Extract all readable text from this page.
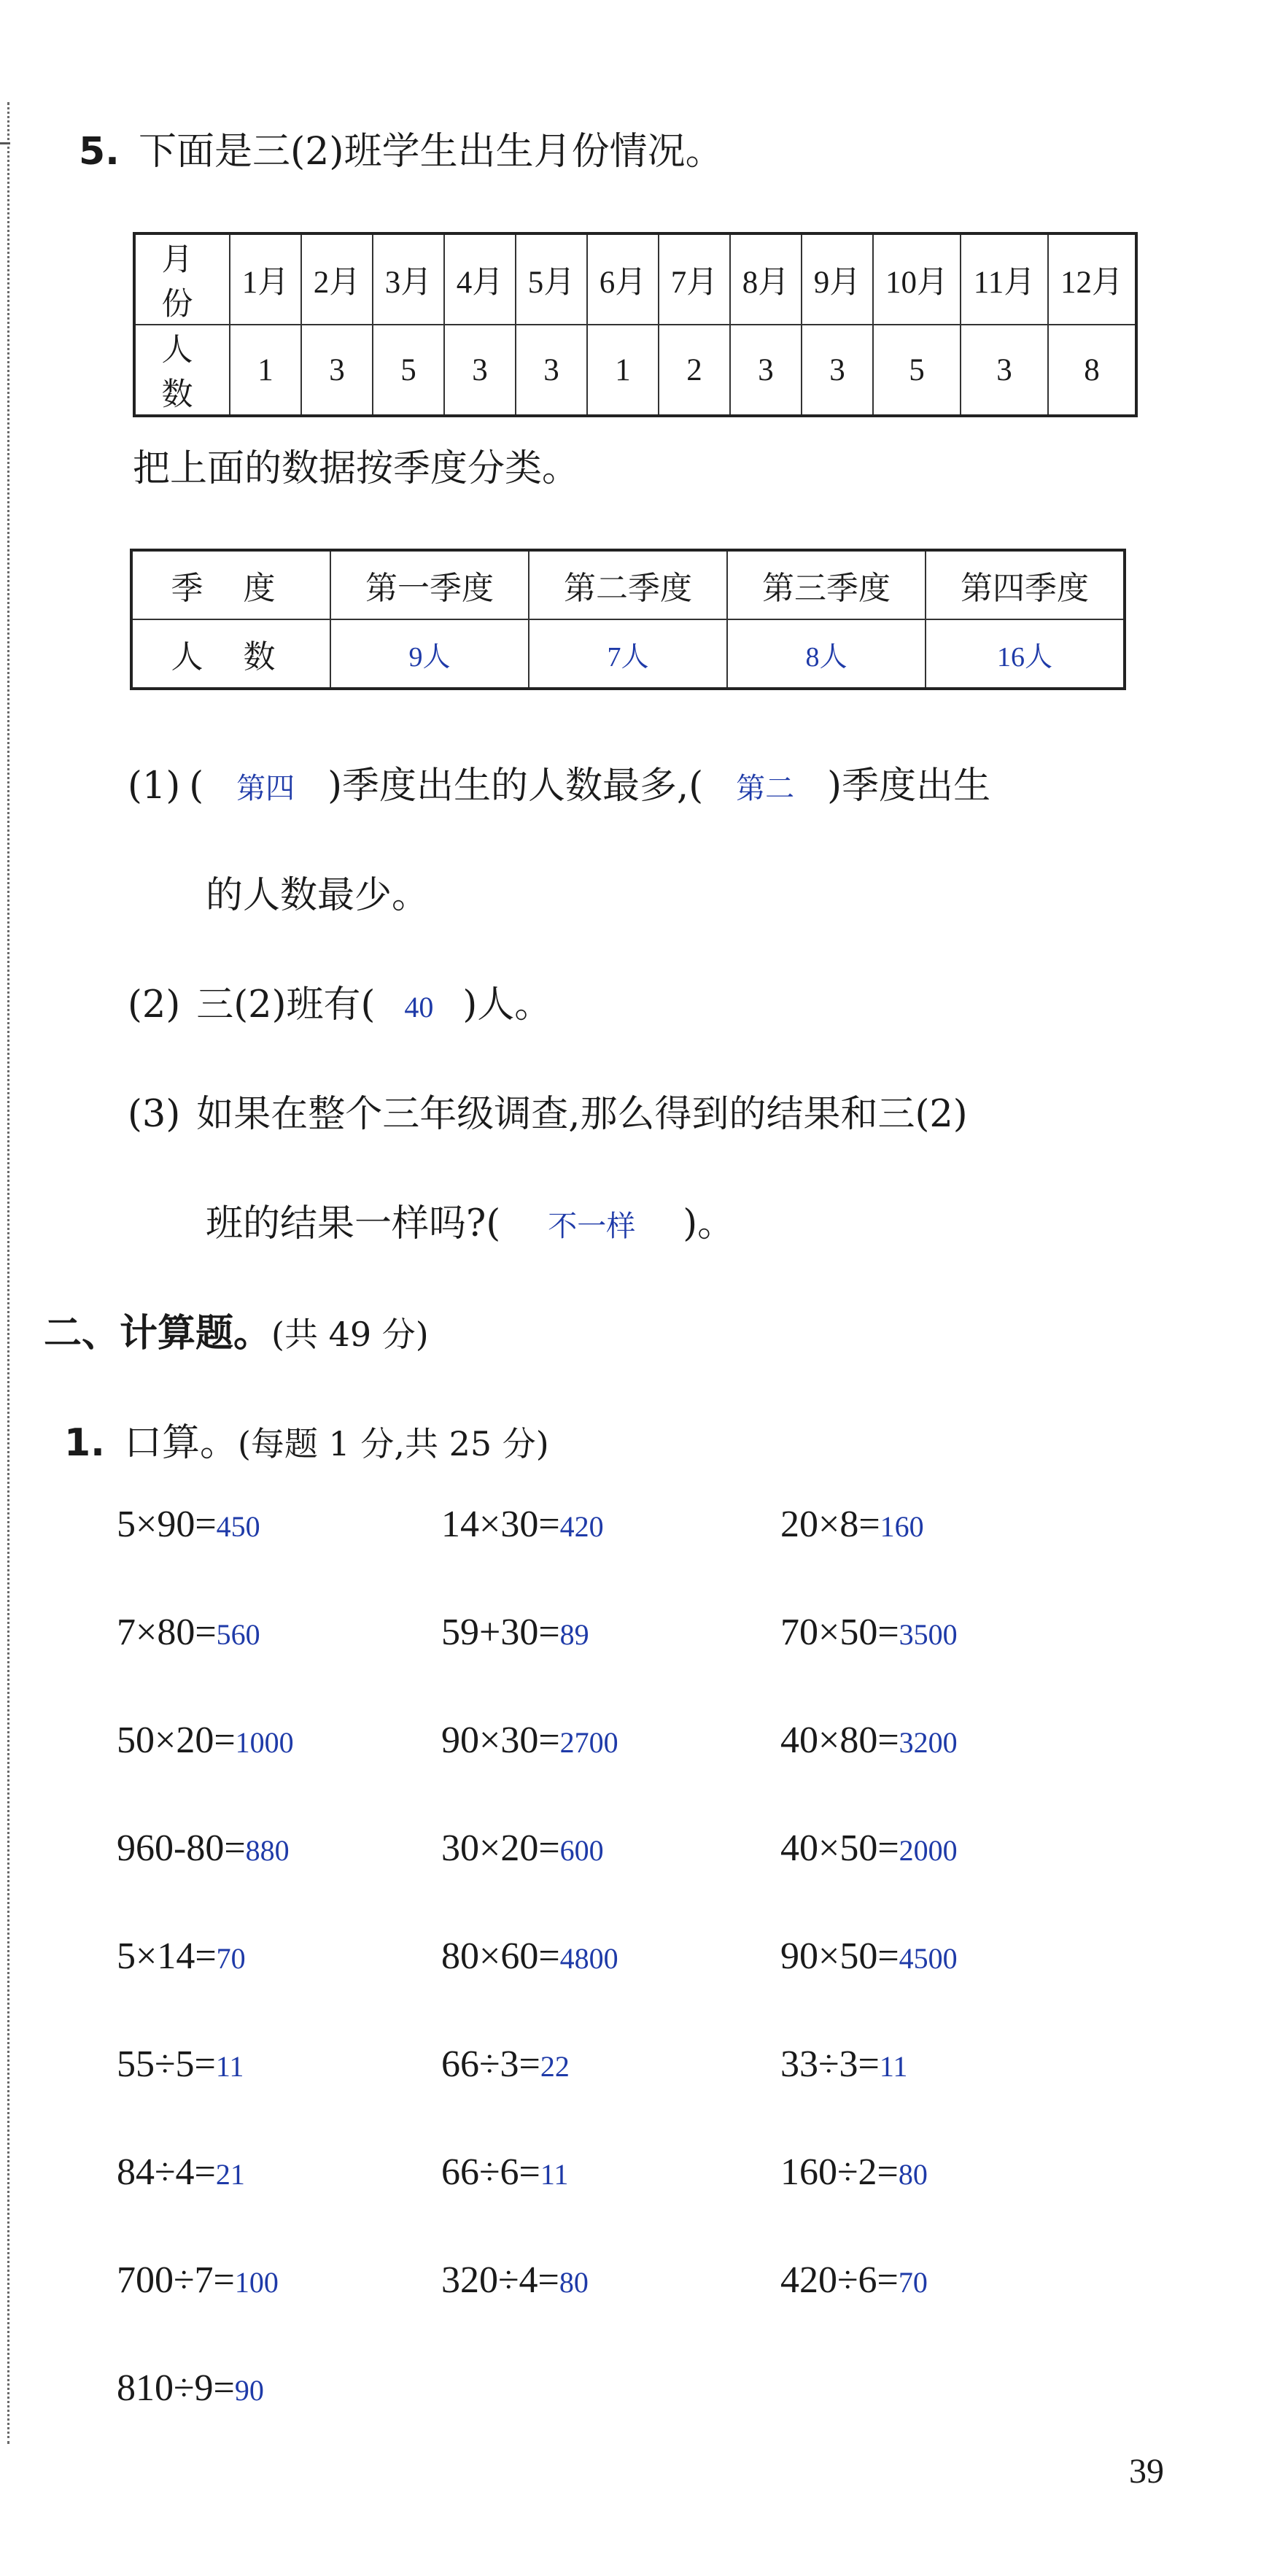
5. 下面是三(2)班学生出生月份情况。
月 份	1月	2月	3月	4月	5月	6月	7月	8月	9月	10月	11月	12月
人 数	1	3	5	3	3	1	2	3	3	5	3	8
把上面的数据按季度分类。
季 度	第一季度	第二季度	第三季度	第四季度
人 数	9人	7人	8人	16人
(1) ( 第四 )季度出生的人数最多,( 第二 )季度出生
的人数最少。
(2) 三(2)班有( 40 )人。
(3) 如果在整个三年级调查,那么得到的结果和三(2)
班的结果一样吗?( 不一样 )。
二、计算题。(共 49 分)
1. 口算。(每题 1 分,共 25 分)
5×90=450	14×30=420	20×8=160
7×80=560	59+30=89	70×50=3500
50×20=1000	90×30=2700	40×80=3200
960-80=880	30×20=600	40×50=2000
5×14=70	80×60=4800	90×50=4500
55÷5=11	66÷3=22	33÷3=11
84÷4=21	66÷6=11	160÷2=80
700÷7=100	320÷4=80	420÷6=70
810÷9=90
39
